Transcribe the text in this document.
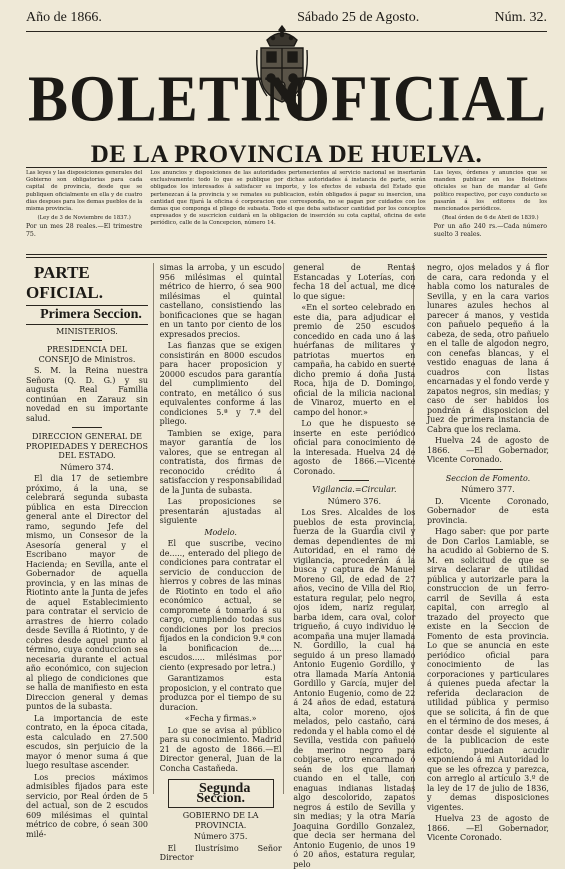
Año de 1866.	Sábado 25 de Agosto.	Núm. 32.
BOLETIN
OFICIAL
DE LA PROVINCIA DE HUELVA.

Las leyes y las disposiciones generales del Gobierno son obligatorias para cada capital de provincia, desde que se publiquen oficialmente en ella y de cuatro dias despues para los demas pueblos de la misma provincia.

(Ley de 3 de Noviembre de 1837.)

Por un mes 28 reales.—El trimestre 75.

Los anuncios y disposiciones de las autoridades pertenecientes al servicio nacional se insertarán exclusivamente: todo lo que se publique por dichas autoridades á instancia de parte, serán obligados los interesados á satisfacer su importe, y los efectos de subasta del Estado que pertenezcan á la provincia y se remates su publicacion, estén obligados á pagar su insercion, una cantidad que fijará la oficina ó corporacion que corresponda, no se pagan por cuidados con los demas que componga el pliego de subasta. Todo el que deba satisfacer cantidad por los conceptos expresados y de suscricion cuidará en la obligacion de inserción su cota capital, oficina de este periódico, calle de la Concepcion, número 14.

Las leyes, órdenes y anuncios que se manden publicar en los Boletines oficiales se han de mandar al Gefe político respectivo, por cuyo conducto se pasarán á los editores de los mencionados periódicos.

(Real órden de 6 de Abril de 1839.)

Por un año 240 rs.—Cada número suelto 3 reales.

PARTE OFICIAL.

Primera Seccion.

MINISTERIOS.

PRESIDENCIA DEL CONSEJO de Ministros.

S. M. la Reina nuestra Señora (Q. D. G.) y su augusta Real Familia continúan en Zarauz sin novedad en su importante salud.

DIRECCION GENERAL DE PROPIEDADES Y DERECHOS DEL ESTADO.

Número 374.

El dia 17 de setiembre próximo, á la una, se celebrará segunda subasta pública en esta Direccion general ante el Director del ramo, segundo Jefe del mismo, un Consesor de la Asesoría general y el Escribano mayor de Hacienda; en Sevilla, ante el Gobernador de aquella provincia, y en las minas de Riotinto ante la Junta de jefes de aquel Establecimiento para contratar el servicio de arrastres de hierro colado desde Sevilla á Riotinto, y de cobres desde aquel punto al término, cuya conduccion sea necesaria durante el actual año económico, con sujecion al pliego de condiciones que se halla de manifiesto en esta Direccion general y demas puntos de la subasta.

La importancia de este contrato, en la época citada, esta calculado en 27.500 escudos, sin perjuicio de la mayor ó menor suma á que luego resultase ascender.

Los precios máximos admisibles fijados para este servicio, por Real órden de 5 del actual, son de 2 escudos 609 milésimas el quintal métrico de cobre, ó sean 300 milé-

simas la arroba, y un escudo 956 milésimas el quintal métrico de hierro, ó sea 900 milésimas el quintal castellano, consistiendo las bonificaciones que se hagan en un tanto por ciento de los expresados precios.

Las fianzas que se exigen consistirán en 8000 escudos para hacer proposicion y 20000 escudos para garantía del cumplimiento del contrato, en metálico ó sus equivalentes conforme á las condiciones 5.ª y 7.ª del pliego.

Tambien se exige, para mayor garantía de los valores, que se entregan al contratista, dos firmas de reconocido crédito á satisfaccion y responsabilidad de la Junta de subasta.

Las proposiciones se presentarán ajustadas al siguiente

Modelo.

El que suscribe, vecino de....., enterado del pliego de condiciones para contratar el servicio de conduccion de hierros y cobres de las minas de Riotinto en todo el año económico actual, se compromete á tomarlo á su cargo, cumpliendo todas sus condiciones por los precios fijados en la condicion 9.ª con la bonificacion de..... escudos..... milésimas por ciento (expresado por letra.)

Garantizamos esta proposicion, y el contrato que produzca por el tiempo de su duracion.

«Fecha y firmas.»

Lo que se avisa al público para su conocimiento. Madrid 21 de agosto de 1866.—El Director general, Juan de la Concha Castañeda.

Segunda Seccion.

GOBIERNO DE LA PROVINCIA.

Número 375.

El Ilustrísimo Señor Director

general de Rentas Estancadas y Loterías, con fecha 18 del actual, me dice lo que sigue:

«En el sorteo celebrado en este dia, para adjudicar el premio de 250 escudos concedido en cada uno á las huérfanas de militares y patriotas muertos en campaña, ha cabido en suerte dicho premio á doña Justa Roca, hija de D. Domingo, oficial de la milicia nacional de Vinaroz, muerto en el campo del honor.»

Lo que he dispuesto se inserte en este periódico oficial para conocimiento de la interesada. Huelva 24 de agosto de 1866.—Vicente Coronado.

Vigilancia.=Circular.

Número 376.

Los Sres. Alcaldes de los pueblos de esta provincia, fuerza de la Guardia civil y demas dependientes de mi Autoridad, en el ramo de vigilancia, procederán á la busca y captura de Manuel Moreno Gil, de edad de 27 años, vecino de Villa del Rio, estatura regular, pelo negro, ojos idem, nariz regular, barba idem, cara oval, color trigueño, á cuyo individuo le acompaña una mujer llamada N. Gordillo, la cual ha seguido á un preso llamado Antonio Eugenio Gordillo, y otra llamada María Antonia Gordillo y García, mujer del Antonio Eugenio, como de 22 á 24 años de edad, estatura alta, color moreno, ojos melados, pelo castaño, cara redonda y el habla como el de Sevilla, vestida con pañuelo de merino negro para cobijarse, otro encarnado ó seán de los que llaman cuando en el talle, con enaguas indianas listadas algo descolorido, zapatos negros á estilo de Sevilla y sin medias; y la otra María Joaquina Gordillo Gonzalez, que decia ser hermana del Antonio Eugenio, de unos 19 ó 20 años, estatura regular, pelo

negro, ojos melados y á flor de cara, cara redonda y el habla como los naturales de Sevilla, y en la cara varios lunares azules hechos al parecer á manos, y vestida con pañuelo pequeño á la cabeza, de seda, otro pañuelo en el talle de algodon negro, con cenefas blancas, y el vestido enaguas de lana á cuadros con listas encarnadas y el fondo verde y zapatos negros, sin medias; y caso de ser habidos los pondrán á disposicion del Juez de primera instancia de Cabra que los reclama.

Huelva 24 de agosto de 1866. —El Gobernador, Vicente Coronado.

Seccion de Fomento.

Número 377.

D. Vicente Coronado, Gobernador de esta provincia.

Hago saber: que por parte de Don Carlos Lamiable, se ha acudido al Gobierno de S. M. en solicitud de que se sirva declarar de utilidad pública y autorizarle para la construccion de un ferro-carril de Sevilla á esta capital, con arreglo al trazado del proyecto que existe en la Seccion de Fomento de esta provincia. Lo que se anuncia en este periódico oficial para conocimiento de las corporaciones y particulares á quienes pueda afectar la referida declaracion de utilidad pública y permiso que se solicita, á fin de que en el término de dos meses, á contar desde el siguiente al de la publicacion de este edicto, puedan acudir exponiendo á mi Autoridad lo que se les ofrezca y parezca, con arreglo al artículo 3.º de la ley de 17 de julio de 1836, y demas disposiciones vigentes.

Huelva 23 de agosto de 1866. —El Gobernador, Vicente Coronado.
